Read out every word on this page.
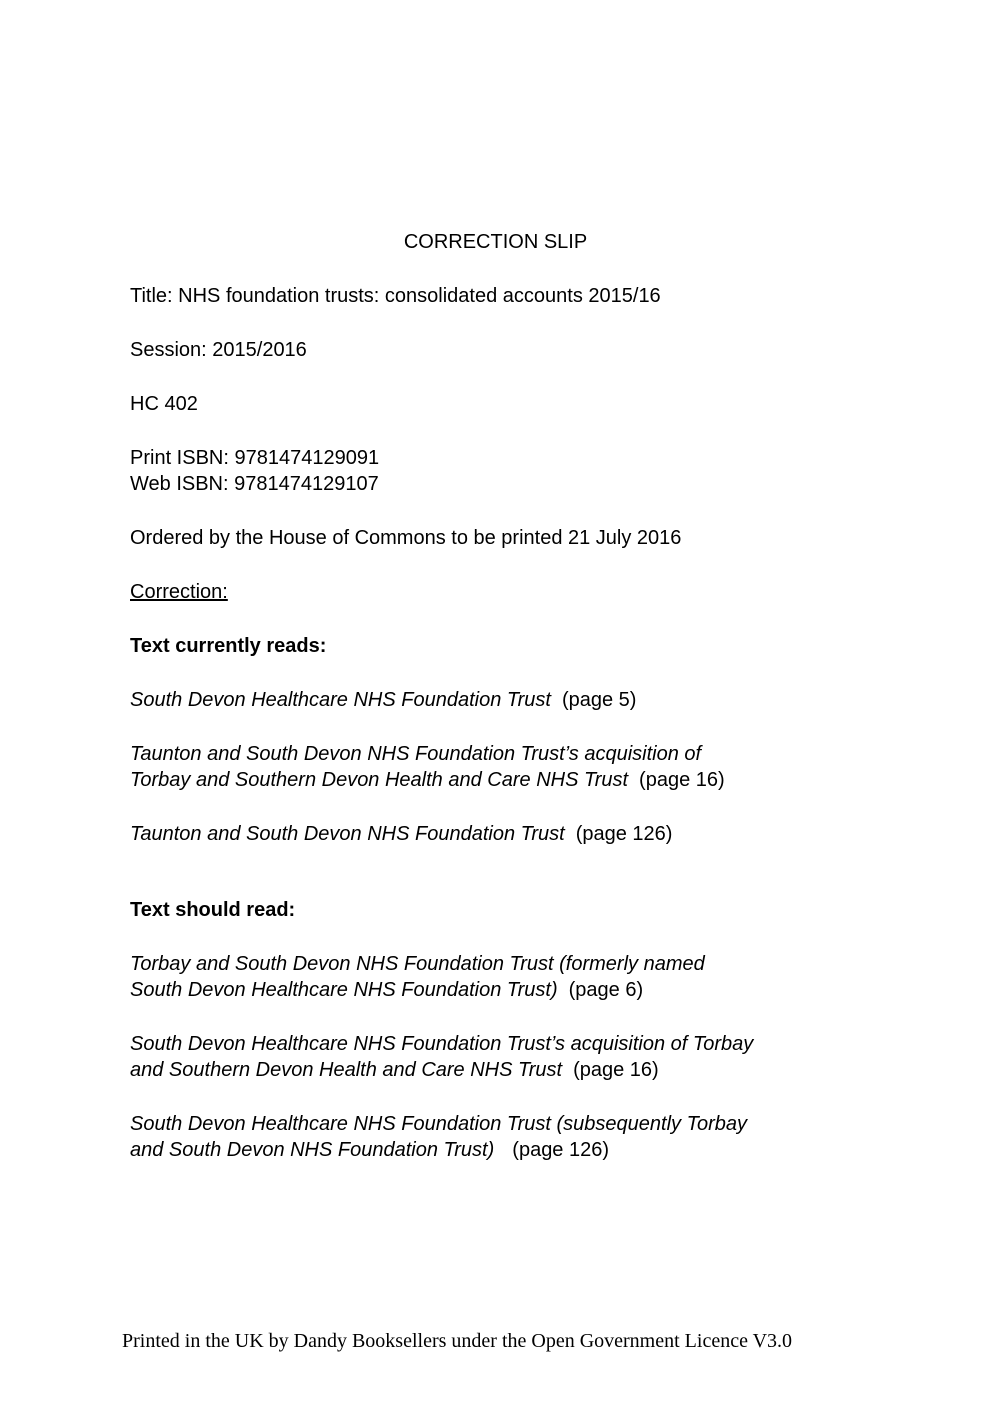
CORRECTION SLIP

Title: NHS foundation trusts: consolidated accounts 2015/16

Session: 2015/2016

HC 402

Print ISBN: 9781474129091
Web ISBN: 9781474129107

Ordered by the House of Commons to be printed 21 July 2016

Correction:

Text currently reads:

South Devon Healthcare NHS Foundation Trust (page 5)

Taunton and South Devon NHS Foundation Trust’s acquisition of
Torbay and Southern Devon Health and Care NHS Trust (page 16)

Taunton and South Devon NHS Foundation Trust (page 126)

Text should read:

Torbay and South Devon NHS Foundation Trust (formerly named
South Devon Healthcare NHS Foundation Trust) (page 6)

South Devon Healthcare NHS Foundation Trust’s acquisition of Torbay
and Southern Devon Health and Care NHS Trust (page 16)

South Devon Healthcare NHS Foundation Trust (subsequently Torbay
and South Devon NHS Foundation Trust) (page 126)

Printed in the UK by Dandy Booksellers under the Open Government Licence V3.0
